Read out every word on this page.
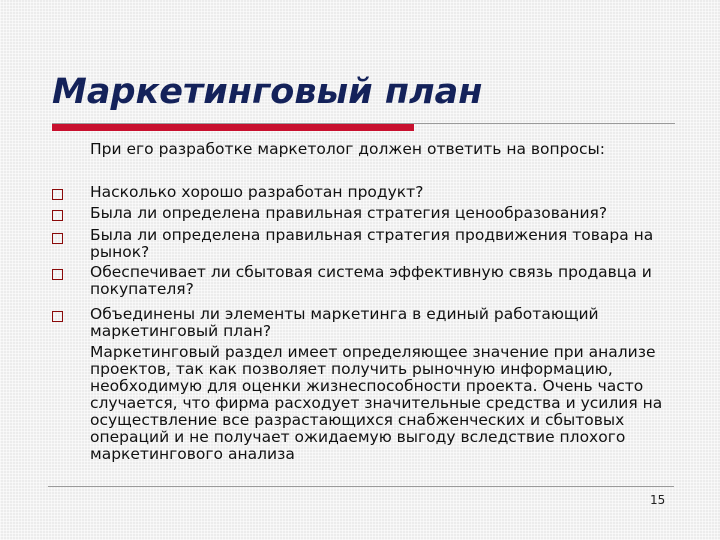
Маркетинговый план
При его разработке маркетолог должен ответить на вопросы:
Насколько хорошо разработан продукт?
Была ли определена правильная стратегия ценообразования?
Была ли определена правильная стратегия продвижения товара на рынок?
Обеспечивает ли сбытовая система эффективную связь продавца и покупателя?
Объединены ли элементы маркетинга в единый работающий маркетинговый план?
Маркетинговый раздел имеет определяющее значение при анализе проектов, так как позволяет получить рыночную информацию, необходимую для оценки жизнеспособности проекта. Очень часто случается, что фирма расходует значительные средства и усилия на осуществление все разрастающихся снабженческих и сбытовых операций и не получает ожидаемую выгоду вследствие плохого маркетингового анализа
15
